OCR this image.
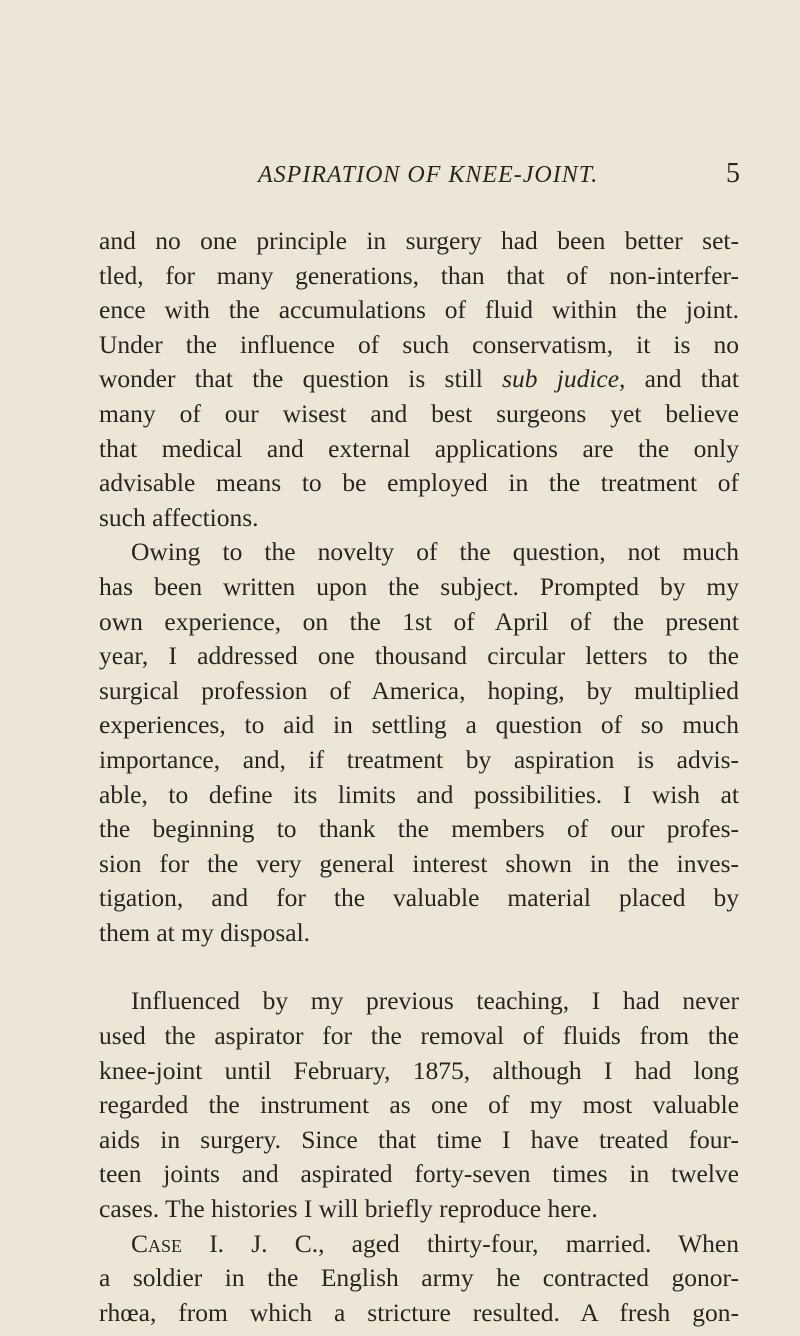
ASPIRATION OF KNEE-JOINT.	5
and no one principle in surgery had been better set-
tled, for many generations, than that of non-interfer-
ence with the accumulations of fluid within the joint.
Under the influence of such conservatism, it is no
wonder that the question is still sub judice, and that
many of our wisest and best surgeons yet believe
that medical and external applications are the only
advisable means to be employed in the treatment of
such affections.
Owing to the novelty of the question, not much
has been written upon the subject. Prompted by my
own experience, on the 1st of April of the present
year, I addressed one thousand circular letters to the
surgical profession of America, hoping, by multiplied
experiences, to aid in settling a question of so much
importance, and, if treatment by aspiration is advis-
able, to define its limits and possibilities. I wish at
the beginning to thank the members of our profes-
sion for the very general interest shown in the inves-
tigation, and for the valuable material placed by
them at my disposal.
Influenced by my previous teaching, I had never
used the aspirator for the removal of fluids from the
knee-joint until February, 1875, although I had long
regarded the instrument as one of my most valuable
aids in surgery. Since that time I have treated four-
teen joints and aspirated forty-seven times in twelve
cases. The histories I will briefly reproduce here.
Case I. J. C., aged thirty-four, married. When
a soldier in the English army he contracted gonor-
rhœa, from which a stricture resulted. A fresh gon-
